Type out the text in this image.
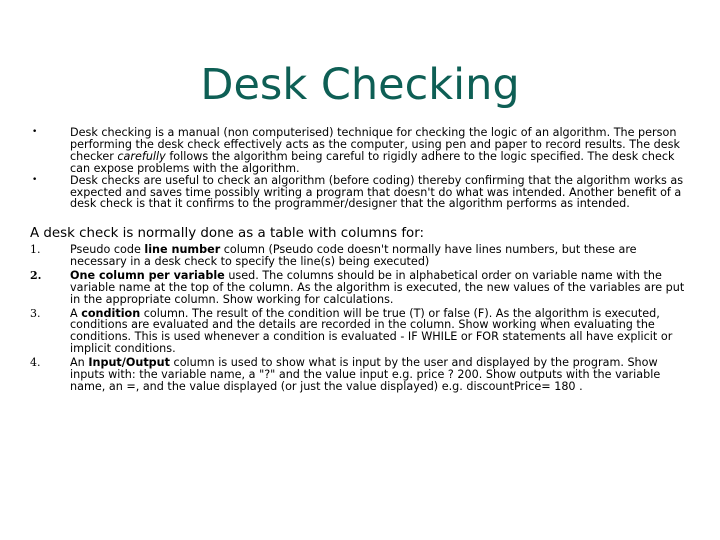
Desk Checking
•	Desk checking is a manual (non computerised) technique for checking the logic of an algorithm. The person performing the desk check effectively acts as the computer, using pen and paper to record results. The desk checker carefully follows the algorithm being careful to rigidly adhere to the logic specified. The desk check can expose problems with the algorithm.
•	Desk checks are useful to check an algorithm (before coding) thereby confirming that the algorithm works as expected and saves time possibly writing a program that doesn't do what was intended. Another benefit of a desk check is that it confirms to the programmer/designer that the algorithm performs as intended.

A desk check is normally done as a table with columns for:

1.	Pseudo code line number column (Pseudo code doesn't normally have lines numbers, but these are necessary in a desk check to specify the line(s) being executed)
2.	One column per variable used. The columns should be in alphabetical order on variable name with the variable name at the top of the column. As the algorithm is executed, the new values of the variables are put in the appropriate column. Show working for calculations.
3.	A condition column. The result of the condition will be true (T) or false (F). As the algorithm is executed, conditions are evaluated and the details are recorded in the column. Show working when evaluating the conditions. This is used whenever a condition is evaluated - IF WHILE or FOR statements all have explicit or implicit conditions.
4.	An Input/Output column is used to show what is input by the user and displayed by the program. Show inputs with: the variable name, a "?" and the value input e.g. price ? 200. Show outputs with the variable name, an =, and the value displayed (or just the value displayed) e.g. discountPrice= 180 .
